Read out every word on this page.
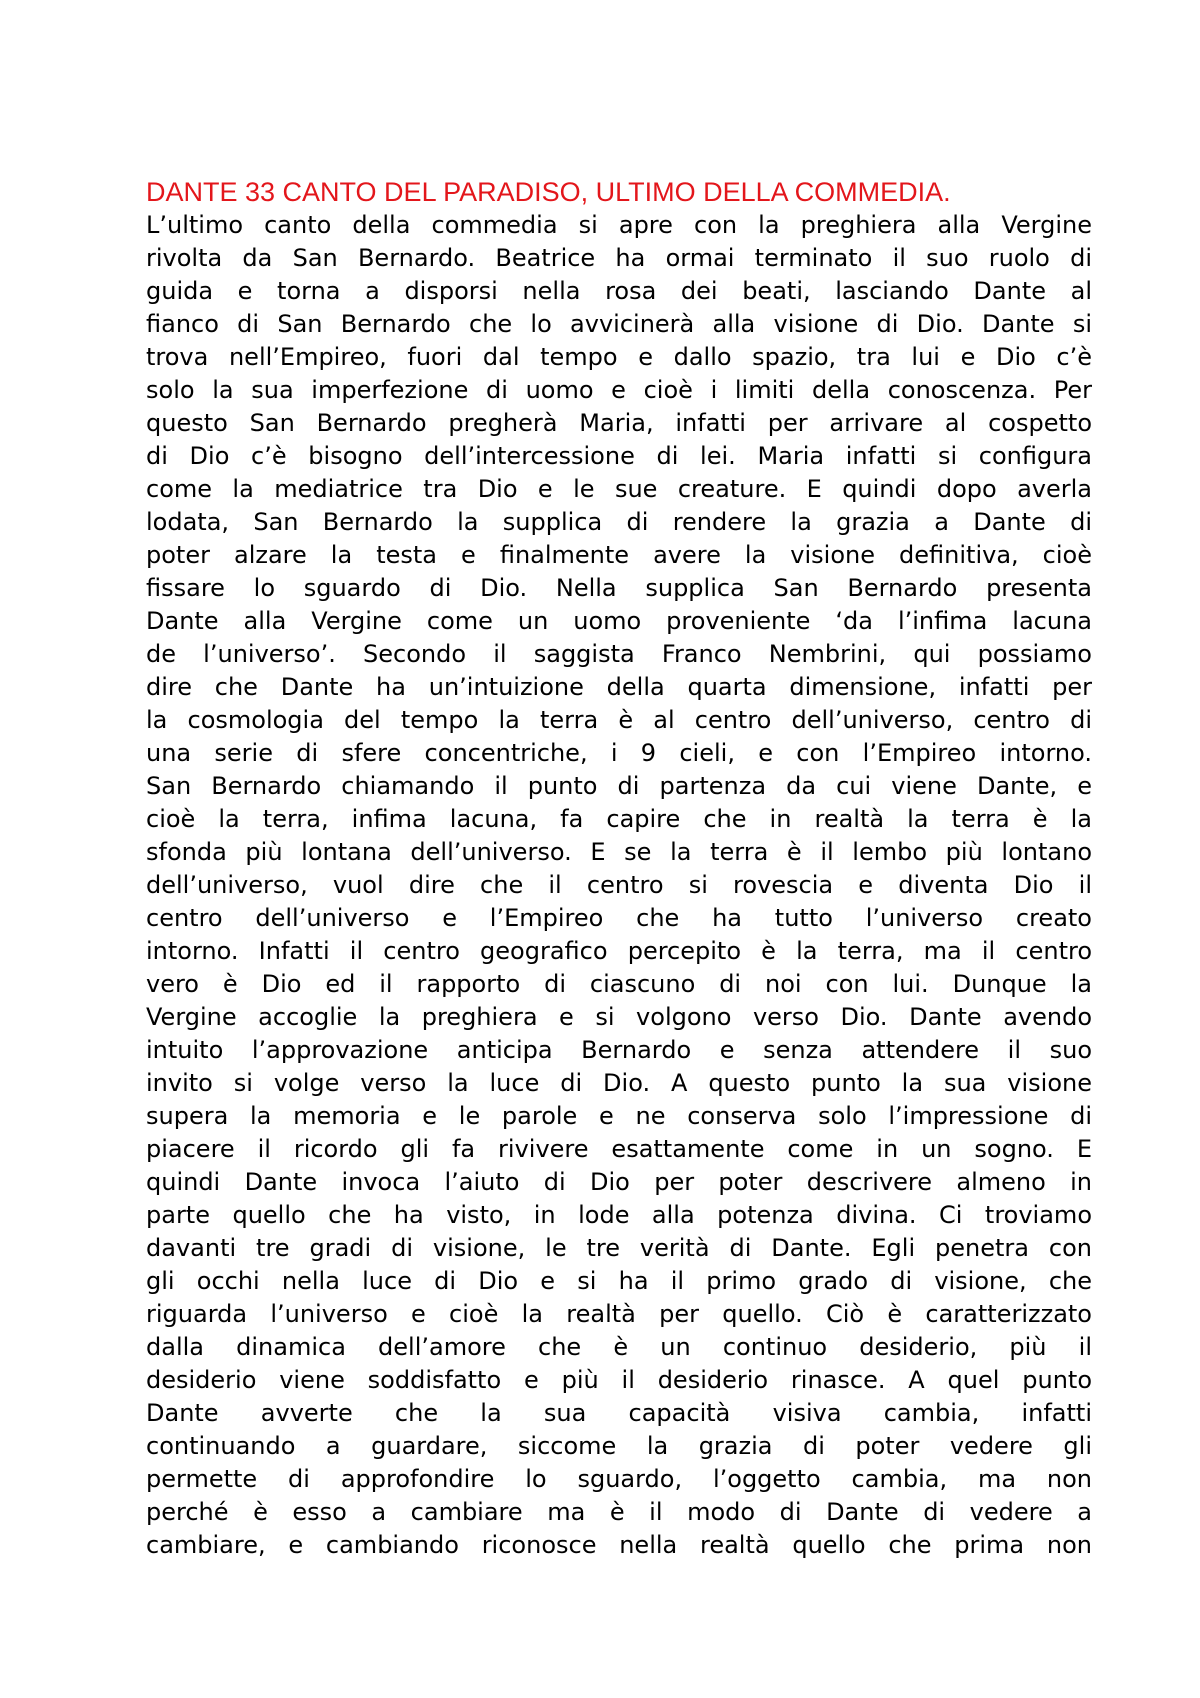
DANTE 33 CANTO DEL PARADISO, ULTIMO DELLA COMMEDIA.
L’ultimo canto della commedia si apre con la preghiera alla Vergine
rivolta da San Bernardo. Beatrice ha ormai terminato il suo ruolo di
guida e torna a disporsi nella rosa dei beati, lasciando Dante al
fianco di San Bernardo che lo avvicinerà alla visione di Dio. Dante si
trova nell’Empireo, fuori dal tempo e dallo spazio, tra lui e Dio c’è
solo la sua imperfezione di uomo e cioè i limiti della conoscenza. Per
questo San Bernardo pregherà Maria, infatti per arrivare al cospetto
di Dio c’è bisogno dell’intercessione di lei. Maria infatti si configura
come la mediatrice tra Dio e le sue creature. E quindi dopo averla
lodata, San Bernardo la supplica di rendere la grazia a Dante di
poter alzare la testa e finalmente avere la visione definitiva, cioè
fissare lo sguardo di Dio. Nella supplica San Bernardo presenta
Dante alla Vergine come un uomo proveniente ‘da l’infima lacuna
de l’universo’. Secondo il saggista Franco Nembrini, qui possiamo
dire che Dante ha un’intuizione della quarta dimensione, infatti per
la cosmologia del tempo la terra è al centro dell’universo, centro di
una serie di sfere concentriche, i 9 cieli, e con l’Empireo intorno.
San Bernardo chiamando il punto di partenza da cui viene Dante, e
cioè la terra, infima lacuna, fa capire che in realtà la terra è la
sfonda più lontana dell’universo. E se la terra è il lembo più lontano
dell’universo, vuol dire che il centro si rovescia e diventa Dio il
centro dell’universo e l’Empireo che ha tutto l’universo creato
intorno. Infatti il centro geografico percepito è la terra, ma il centro
vero è Dio ed il rapporto di ciascuno di noi con lui. Dunque la
Vergine accoglie la preghiera e si volgono verso Dio. Dante avendo
intuito l’approvazione anticipa Bernardo e senza attendere il suo
invito si volge verso la luce di Dio. A questo punto la sua visione
supera la memoria e le parole e ne conserva solo l’impressione di
piacere il ricordo gli fa rivivere esattamente come in un sogno. E
quindi Dante invoca l’aiuto di Dio per poter descrivere almeno in
parte quello che ha visto, in lode alla potenza divina. Ci troviamo
davanti tre gradi di visione, le tre verità di Dante. Egli penetra con
gli occhi nella luce di Dio e si ha il primo grado di visione, che
riguarda l’universo e cioè la realtà per quello. Ciò è caratterizzato
dalla dinamica dell’amore che è un continuo desiderio, più il
desiderio viene soddisfatto e più il desiderio rinasce. A quel punto
Dante avverte che la sua capacità visiva cambia, infatti
continuando a guardare, siccome la grazia di poter vedere gli
permette di approfondire lo sguardo, l’oggetto cambia, ma non
perché è esso a cambiare ma è il modo di Dante di vedere a
cambiare, e cambiando riconosce nella realtà quello che prima non
